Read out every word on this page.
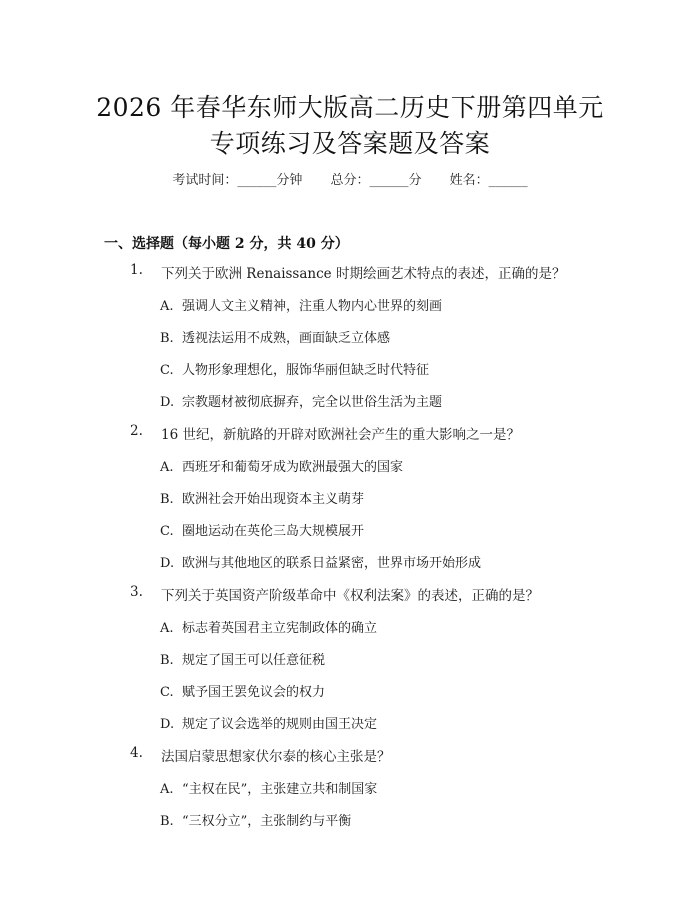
2026 年春华东师大版高二历史下册第四单元
专项练习及答案题及答案
考试时间：______分钟 总分：______分 姓名：______
一、选择题（每小题 2 分，共 40 分）
1. 下列关于欧洲 Renaissance 时期绘画艺术特点的表述，正确的是？
A. 强调人文主义精神，注重人物内心世界的刻画
B. 透视法运用不成熟，画面缺乏立体感
C. 人物形象理想化，服饰华丽但缺乏时代特征
D. 宗教题材被彻底摒弃，完全以世俗生活为主题
2. 16 世纪，新航路的开辟对欧洲社会产生的重大影响之一是？
A. 西班牙和葡萄牙成为欧洲最强大的国家
B. 欧洲社会开始出现资本主义萌芽
C. 圈地运动在英伦三岛大规模展开
D. 欧洲与其他地区的联系日益紧密，世界市场开始形成
3. 下列关于英国资产阶级革命中《权利法案》的表述，正确的是？
A. 标志着英国君主立宪制政体的确立
B. 规定了国王可以任意征税
C. 赋予国王罢免议会的权力
D. 规定了议会选举的规则由国王决定
4. 法国启蒙思想家伏尔泰的核心主张是？
A. “主权在民”，主张建立共和制国家
B. “三权分立”，主张制约与平衡
